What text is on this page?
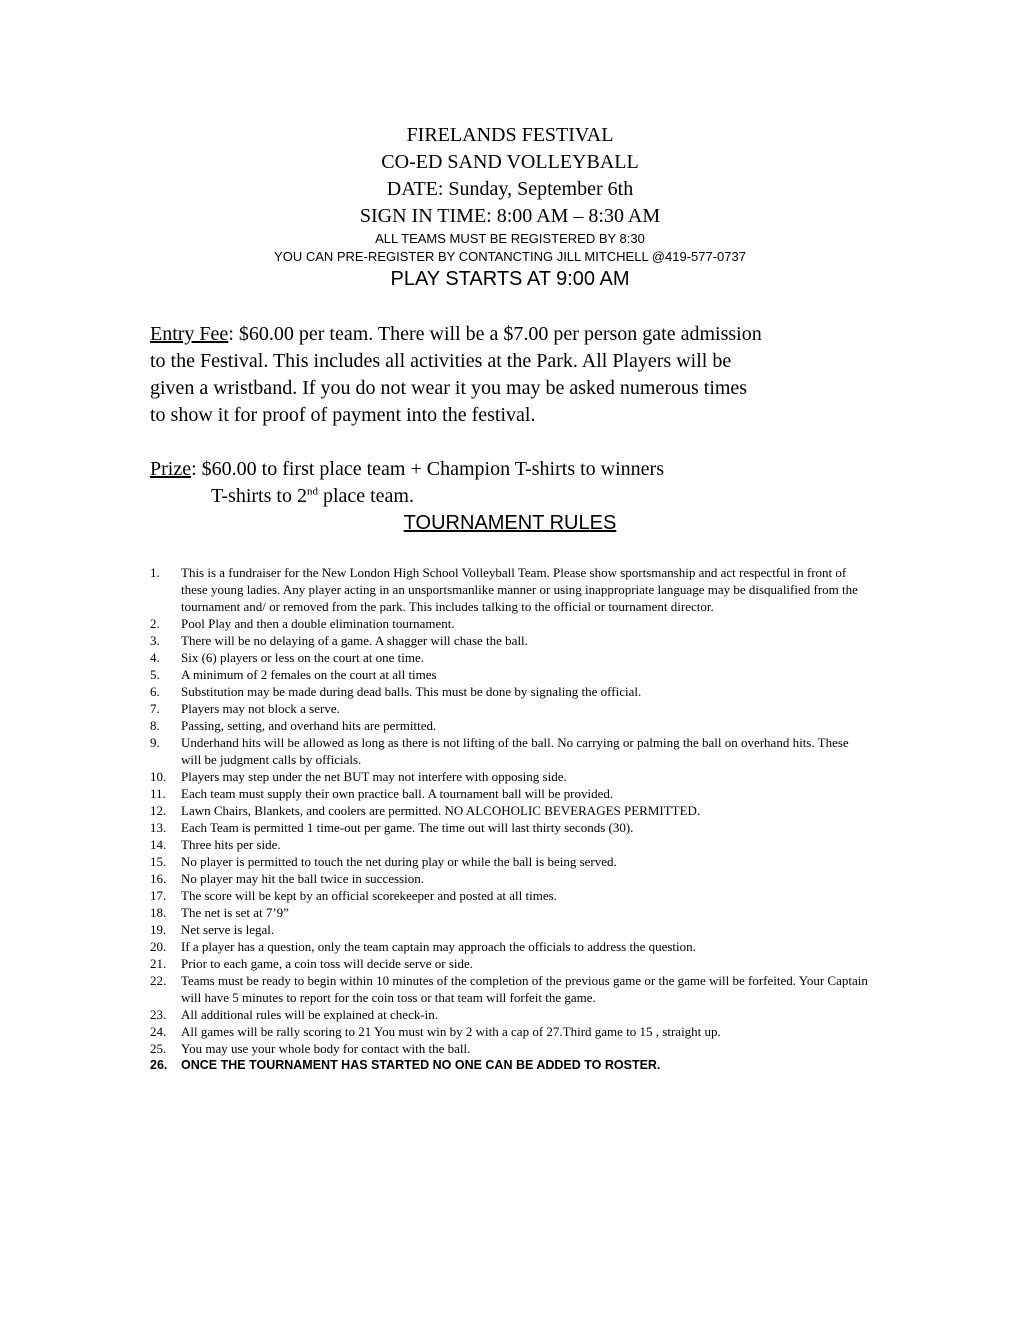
FIRELANDS FESTIVAL
CO-ED SAND VOLLEYBALL
DATE: Sunday, September 6th
SIGN IN TIME: 8:00 AM – 8:30 AM
ALL TEAMS MUST BE REGISTERED BY 8:30
YOU CAN PRE-REGISTER BY CONTANCTING JILL MITCHELL @419-577-0737
PLAY STARTS AT 9:00 AM
Entry Fee: $60.00 per team. There will be a $7.00 per person gate admission
to the Festival. This includes all activities at the Park. All Players will be
given a wristband. If you do not wear it you may be asked numerous times
to show it for proof of payment into the festival.
Prize: $60.00 to first place team + Champion T-shirts to winners
T-shirts to 2nd place team.
TOURNAMENT RULES
1. This is a fundraiser for the New London High School Volleyball Team. Please show sportsmanship and act respectful in front of these young ladies. Any player acting in an unsportsmanlike manner or using inappropriate language may be disqualified from the tournament and/ or removed from the park. This includes talking to the official or tournament director.
2. Pool Play and then a double elimination tournament.
3. There will be no delaying of a game. A shagger will chase the ball.
4. Six (6) players or less on the court at one time.
5. A minimum of 2 females on the court at all times
6. Substitution may be made during dead balls. This must be done by signaling the official.
7. Players may not block a serve.
8. Passing, setting, and overhand hits are permitted.
9. Underhand hits will be allowed as long as there is not lifting of the ball. No carrying or palming the ball on overhand hits. These will be judgment calls by officials.
10. Players may step under the net BUT may not interfere with opposing side.
11. Each team must supply their own practice ball. A tournament ball will be provided.
12. Lawn Chairs, Blankets, and coolers are permitted. NO ALCOHOLIC BEVERAGES PERMITTED.
13. Each Team is permitted 1 time-out per game. The time out will last thirty seconds (30).
14. Three hits per side.
15. No player is permitted to touch the net during play or while the ball is being served.
16. No player may hit the ball twice in succession.
17. The score will be kept by an official scorekeeper and posted at all times.
18. The net is set at 7’9”
19. Net serve is legal.
20. If a player has a question, only the team captain may approach the officials to address the question.
21. Prior to each game, a coin toss will decide serve or side.
22. Teams must be ready to begin within 10 minutes of the completion of the previous game or the game will be forfeited. Your Captain will have 5 minutes to report for the coin toss or that team will forfeit the game.
23. All additional rules will be explained at check-in.
24. All games will be rally scoring to 21 You must win by 2 with a cap of 27.Third game to 15 , straight up.
25. You may use your whole body for contact with the ball.
26. ONCE THE TOURNAMENT HAS STARTED NO ONE CAN BE ADDED TO ROSTER.
